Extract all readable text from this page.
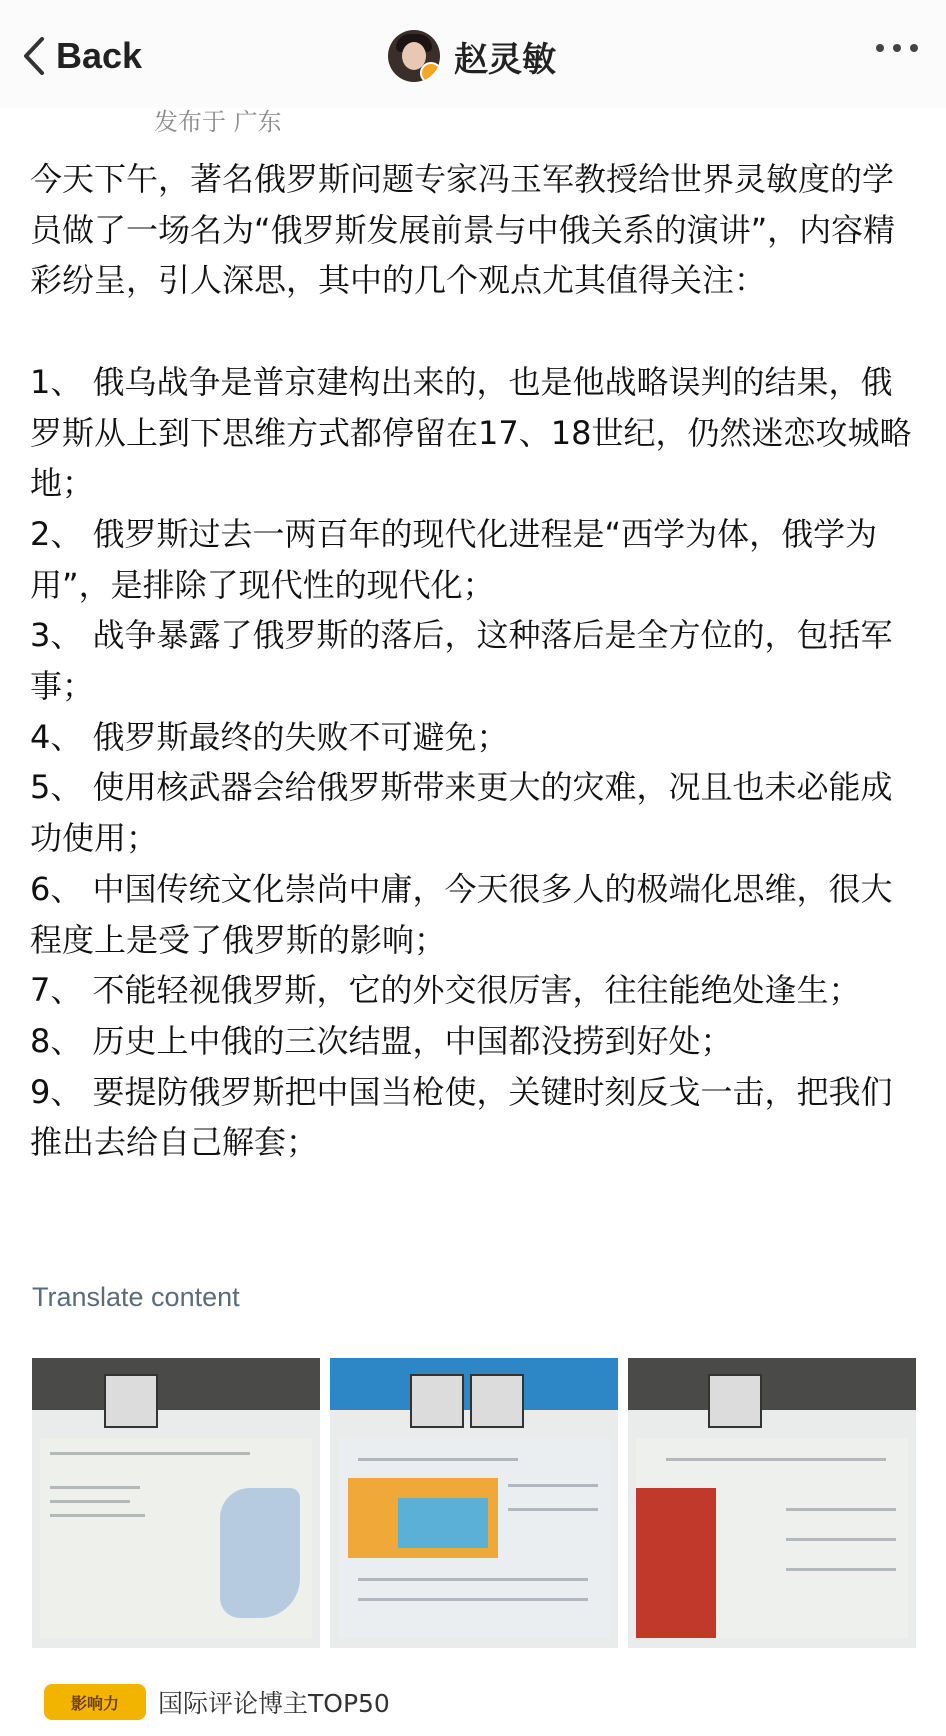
Back	赵灵敏
发布于 广东

今天下午，著名俄罗斯问题专家冯玉军教授给世界灵敏度的学员做了一场名为“俄罗斯发展前景与中俄关系的演讲”，内容精彩纷呈，引人深思，其中的几个观点尤其值得关注：

1、 俄乌战争是普京建构出来的，也是他战略误判的结果，俄罗斯从上到下思维方式都停留在17、18世纪，仍然迷恋攻城略地；

2、 俄罗斯过去一两百年的现代化进程是“西学为体，俄学为用”，是排除了现代性的现代化；

3、 战争暴露了俄罗斯的落后，这种落后是全方位的，包括军事；

4、 俄罗斯最终的失败不可避免；

5、 使用核武器会给俄罗斯带来更大的灾难，况且也未必能成功使用；

6、 中国传统文化崇尚中庸，今天很多人的极端化思维，很大程度上是受了俄罗斯的影响；

7、 不能轻视俄罗斯，它的外交很厉害，往往能绝处逢生；

8、 历史上中俄的三次结盟，中国都没捞到好处；

9、 要提防俄罗斯把中国当枪使，关键时刻反戈一击，把我们推出去给自己解套；

Translate content
影响力	国际评论博主TOP50
